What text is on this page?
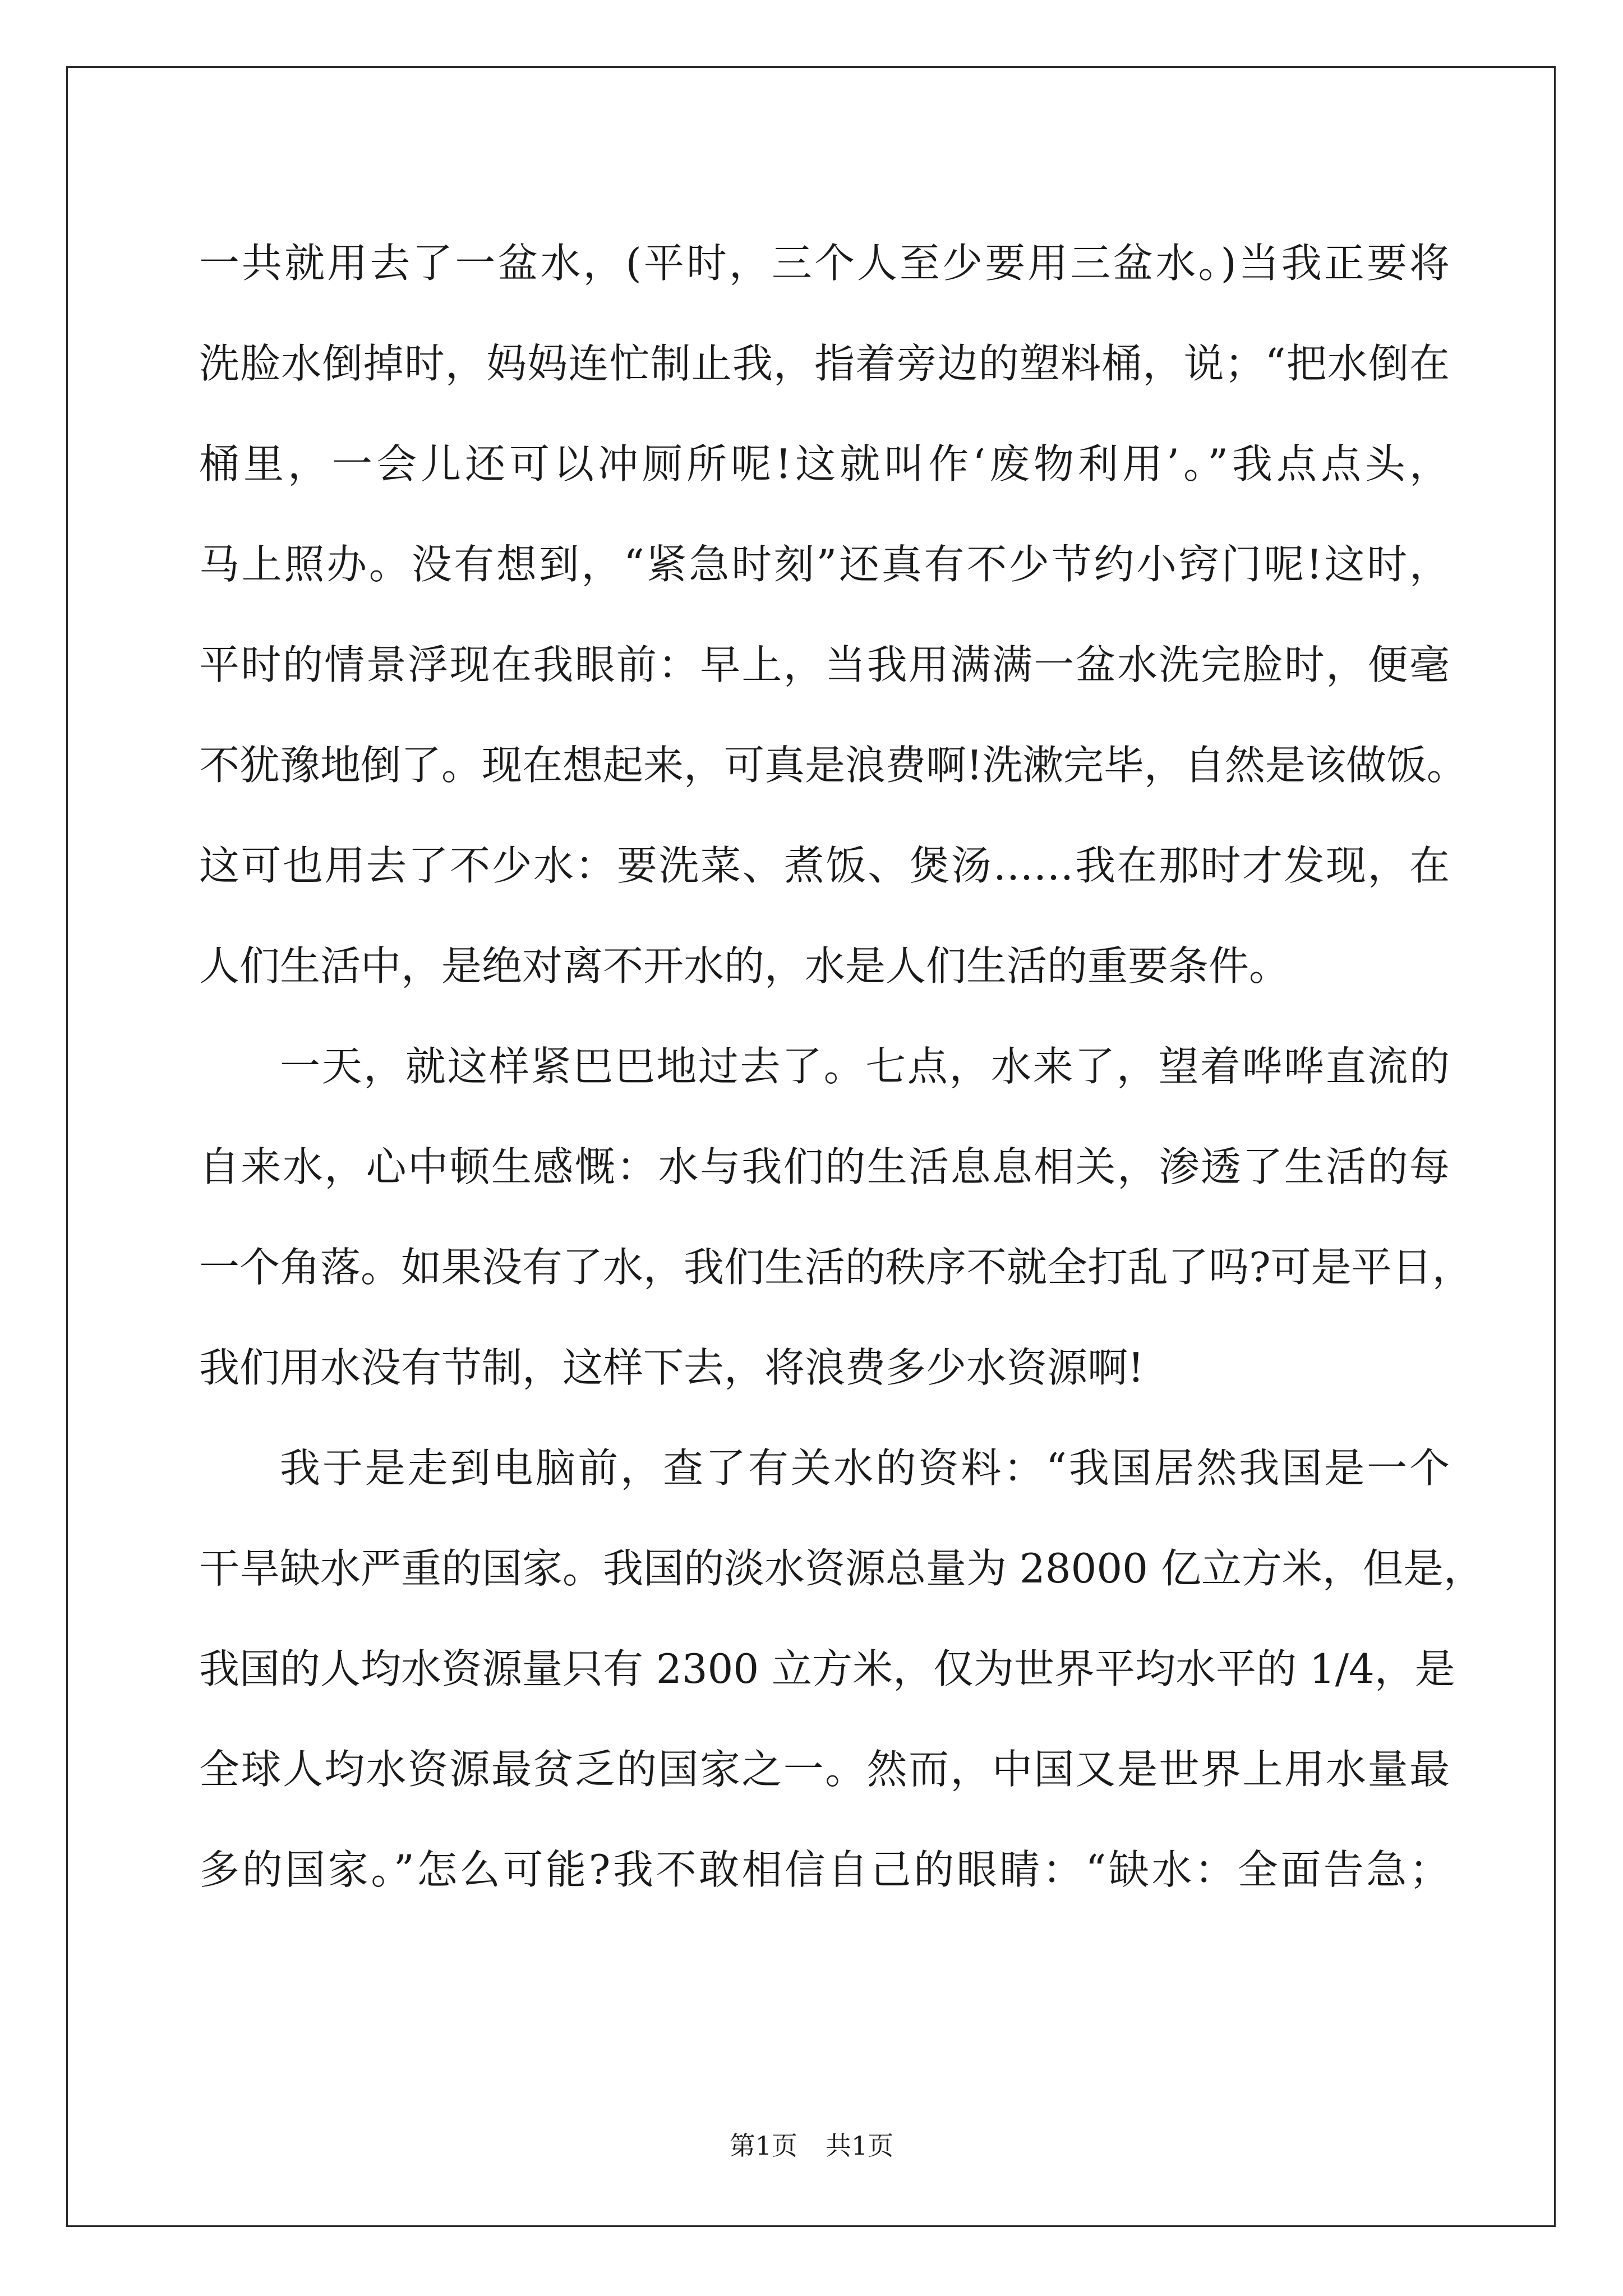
一共就用去了一盆水，(平时，三个人至少要用三盆水。)当我正要将
洗脸水倒掉时，妈妈连忙制止我，指着旁边的塑料桶，说；“把水倒在
桶里，一会儿还可以冲厕所呢!这就叫作‘废物利用’。”我点点头，
马上照办。没有想到，“紧急时刻”还真有不少节约小窍门呢!这时，
平时的情景浮现在我眼前：早上，当我用满满一盆水洗完脸时，便毫
不犹豫地倒了。现在想起来，可真是浪费啊!洗漱完毕，自然是该做饭。
这可也用去了不少水：要洗菜、煮饭、煲汤……我在那时才发现，在
人们生活中，是绝对离不开水的，水是人们生活的重要条件。
一天，就这样紧巴巴地过去了。七点，水来了，望着哗哗直流的
自来水，心中顿生感慨：水与我们的生活息息相关，渗透了生活的每
一个角落。如果没有了水，我们生活的秩序不就全打乱了吗?可是平日，
我们用水没有节制，这样下去，将浪费多少水资源啊!
我于是走到电脑前，查了有关水的资料：“我国居然我国是一个
干旱缺水严重的国家。我国的淡水资源总量为 28000 亿立方米，但是，
我国的人均水资源量只有 2300 立方米，仅为世界平均水平的 1/4，是
全球人均水资源最贫乏的国家之一。然而，中国又是世界上用水量最
多的国家。”怎么可能?我不敢相信自己的眼睛：“缺水：全面告急；
第1页 共1页
